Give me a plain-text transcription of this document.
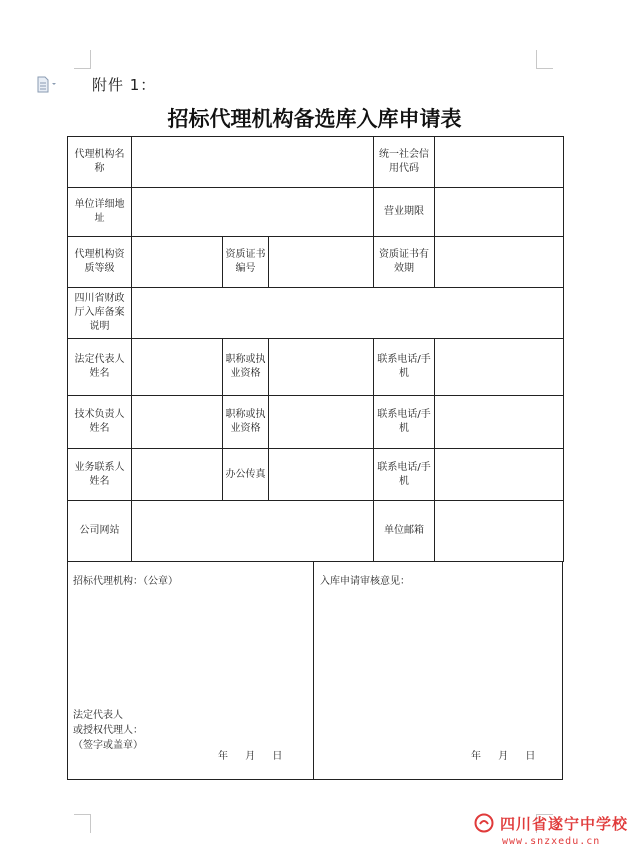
附件 1：
招标代理机构备选库入库申请表
代理机构名称				统一社会信用代码	
单位详细地址				营业期限	
代理机构资质等级		资质证书编号		资质证书有效期	
四川省财政厅入库备案说明					
法定代表人姓名		职称或执业资格		联系电话/手机	
技术负责人姓名		职称或执业资格		联系电话/手机	
业务联系人姓名		办公传真		联系电话/手机	
公司网站				单位邮箱	
招标代理机构：（公章）
法定代表人
或授权代理人：
（签字或盖章）
年 月 日
入库申请审核意见：
年 月 日
四川省遂宁中学校
www.snzxedu.cn
